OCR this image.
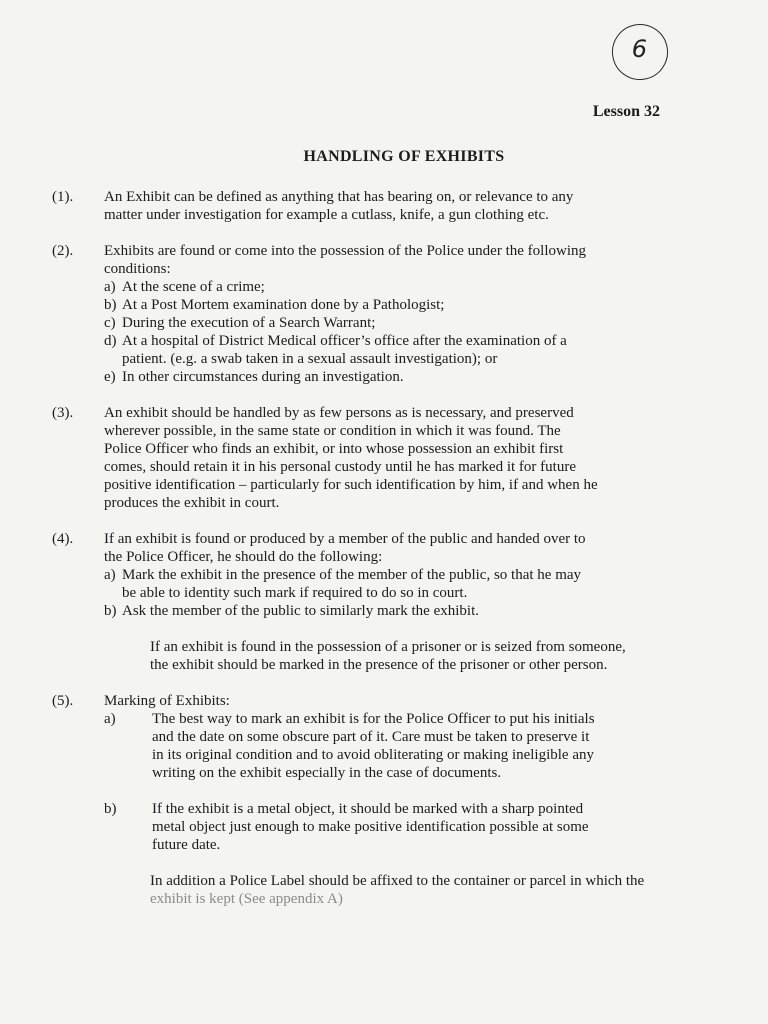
6
Lesson 32
HANDLING OF EXHIBITS
(1). An Exhibit can be defined as anything that has bearing on, or relevance to any
matter under investigation for example a cutlass, knife, a gun clothing etc.
(2). Exhibits are found or come into the possession of the Police under the following
conditions:
a) At the scene of a crime;
b) At a Post Mortem examination done by a Pathologist;
c) During the execution of a Search Warrant;
d) At a hospital of District Medical officer’s office after the examination of a
patient. (e.g. a swab taken in a sexual assault investigation); or
e) In other circumstances during an investigation.
(3). An exhibit should be handled by as few persons as is necessary, and preserved
wherever possible, in the same state or condition in which it was found. The
Police Officer who finds an exhibit, or into whose possession an exhibit first
comes, should retain it in his personal custody until he has marked it for future
positive identification – particularly for such identification by him, if and when he
produces the exhibit in court.
(4). If an exhibit is found or produced by a member of the public and handed over to
the Police Officer, he should do the following:
a) Mark the exhibit in the presence of the member of the public, so that he may
be able to identity such mark if required to do so in court.
b) Ask the member of the public to similarly mark the exhibit.
If an exhibit is found in the possession of a prisoner or is seized from someone,
the exhibit should be marked in the presence of the prisoner or other person.
(5). Marking of Exhibits:
a) The best way to mark an exhibit is for the Police Officer to put his initials
and the date on some obscure part of it. Care must be taken to preserve it
in its original condition and to avoid obliterating or making ineligible any
writing on the exhibit especially in the case of documents.
b) If the exhibit is a metal object, it should be marked with a sharp pointed
metal object just enough to make positive identification possible at some
future date.
In addition a Police Label should be affixed to the container or parcel in which the
exhibit is kept (See appendix A)
